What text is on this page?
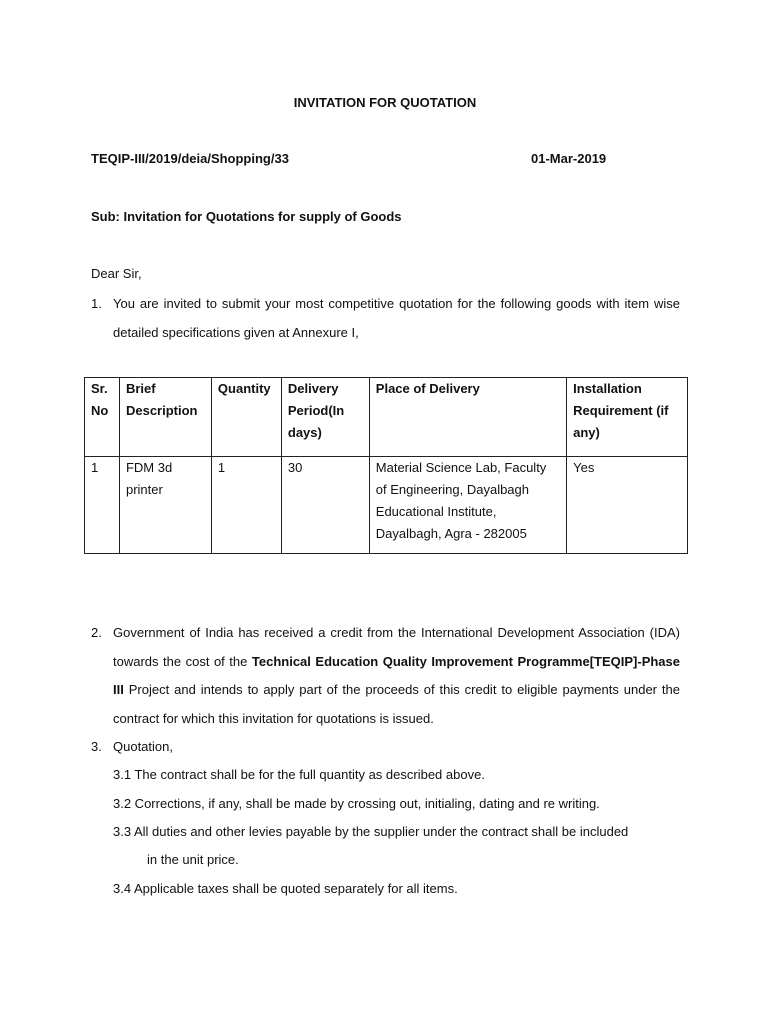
INVITATION FOR QUOTATION
TEQIP-III/2019/deia/Shopping/33	01-Mar-2019
Sub: Invitation for Quotations for supply of Goods
Dear Sir,
1. You are invited to submit your most competitive quotation for the following goods with item wise detailed specifications given at Annexure I,
Sr. No	Brief Description	Quantity	Delivery Period(In days)	Place of Delivery	Installation Requirement (if any)
1	FDM 3d printer	1	30	Material Science Lab, Faculty of Engineering, Dayalbagh Educational Institute, Dayalbagh, Agra - 282005	Yes
2. Government of India has received a credit from the International Development Association (IDA) towards the cost of the Technical Education Quality Improvement Programme[TEQIP]-Phase III Project and intends to apply part of the proceeds of this credit to eligible payments under the contract for which this invitation for quotations is issued.
3. Quotation,
3.1 The contract shall be for the full quantity as described above.
3.2 Corrections, if any, shall be made by crossing out, initialing, dating and re writing.
3.3 All duties and other levies payable by the supplier under the contract shall be included
in the unit price.
3.4 Applicable taxes shall be quoted separately for all items.
